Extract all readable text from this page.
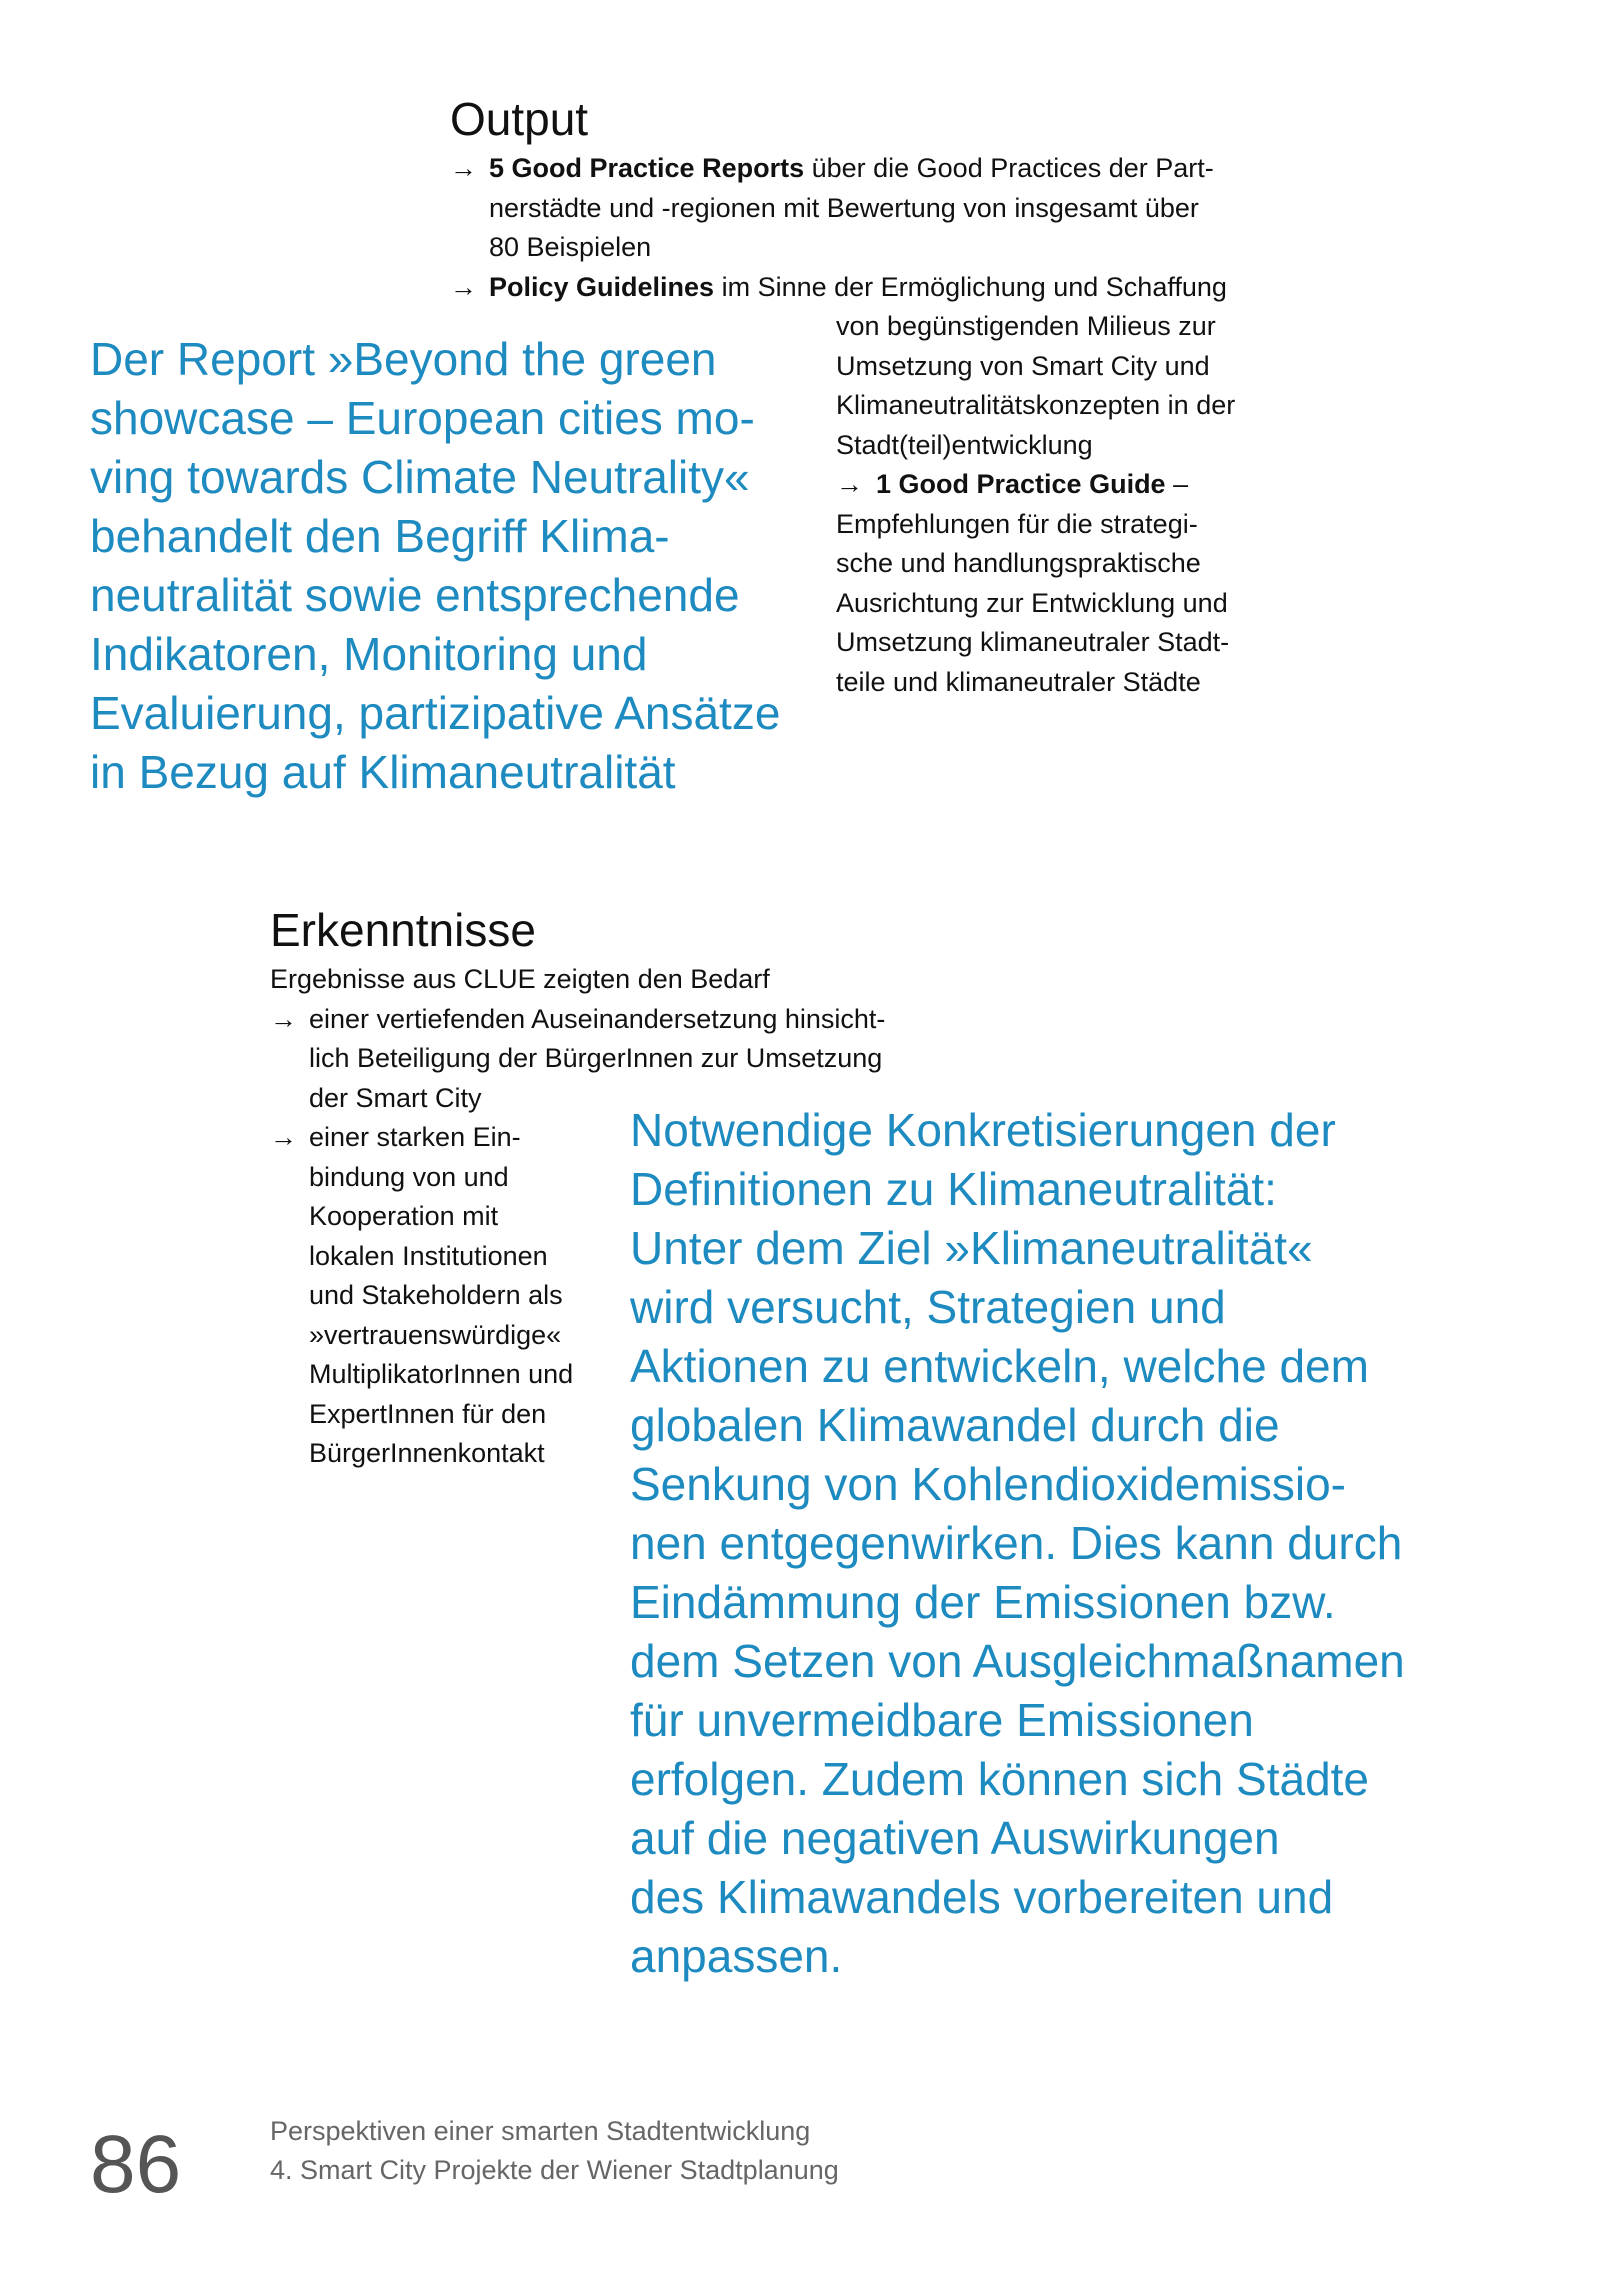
Output
→ 5 Good Practice Reports über die Good Practices der Part-
nerstädte und -regionen mit Bewertung von insgesamt über
80 Beispielen
→ Policy Guidelines im Sinne der Ermöglichung und Schaffung
von begünstigenden Milieus zur
Umsetzung von Smart City und
Klimaneutralitätskonzepten in der
Stadt(teil)entwicklung
→ 1 Good Practice Guide –
Empfehlungen für die strategi-
sche und handlungspraktische
Ausrichtung zur Entwicklung und
Umsetzung klimaneutraler Stadt-
teile und klimaneutraler Städte
Der Report »Beyond the green
showcase – European cities mo-
ving towards Climate Neutrality«
behandelt den Begriff Klima-
neutralität sowie entsprechende
Indikatoren, Monitoring und
Evaluierung, partizipative Ansätze
in Bezug auf Klimaneutralität
Erkenntnisse
Ergebnisse aus CLUE zeigten den Bedarf
→ einer vertiefenden Auseinandersetzung hinsicht-
lich Beteiligung der BürgerInnen zur Umsetzung
der Smart City
→ einer starken Ein-
bindung von und
Kooperation mit
lokalen Institutionen
und Stakeholdern als
»vertrauenswürdige«
MultiplikatorInnen und
ExpertInnen für den
BürgerInnenkontakt
Notwendige Konkretisierungen der
Definitionen zu Klimaneutralität:
Unter dem Ziel »Klimaneutralität«
wird versucht, Strategien und
Aktionen zu entwickeln, welche dem
globalen Klimawandel durch die
Senkung von Kohlendioxidemissio-
nen entgegenwirken. Dies kann durch
Eindämmung der Emissionen bzw.
dem Setzen von Ausgleichmaßnamen
für unvermeidbare Emissionen
erfolgen. Zudem können sich Städte
auf die negativen Auswirkungen
des Klimawandels vorbereiten und
anpassen.
86	Perspektiven einer smarten Stadtentwicklung
4. Smart City Projekte der Wiener Stadtplanung
